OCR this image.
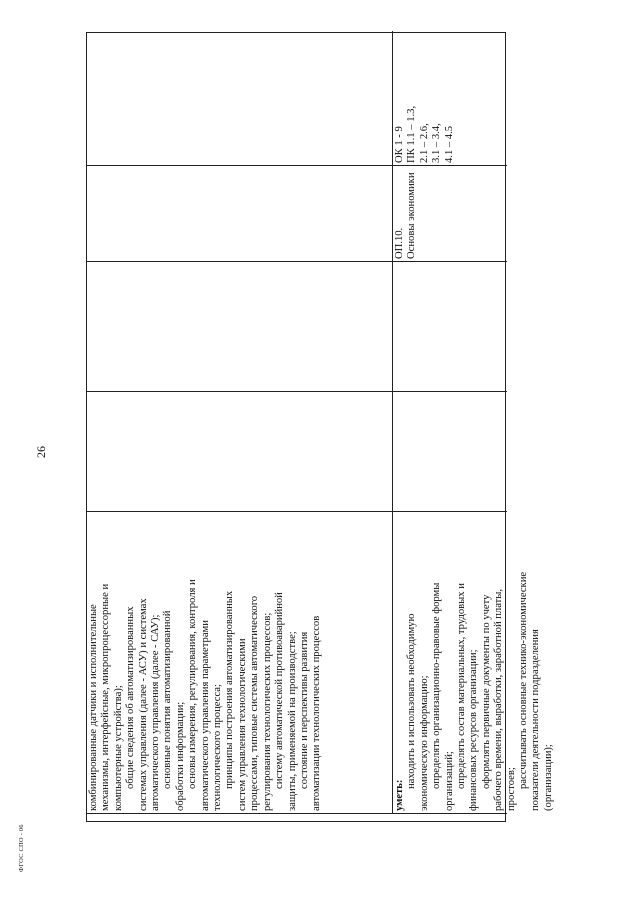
26
ФГОС СПО - 06
комбинированные датчики и исполнительные механизмы, интерфейсные, микропроцессорные и компьютерные устройства); общие сведения об автоматизированных системах управления (далее - АСУ) и системах автоматического управления (далее - САУ); основные понятия автоматизированной обработки информации; основы измерения, регулирования, контроля и автоматического управления параметрами технологического процесса; принципы построения автоматизированных систем управления технологическими процессами, типовые системы автоматического регулирования технологических процессов; систему автоматической противоаварийной защиты, применяемой на производстве; состояние и перспективы развития автоматизации технологических процессов	уметь:
находить и использовать необходимую экономическую информацию; определять организационно-правовые формы организаций; определять состав материальных, трудовых и финансовых ресурсов организации; оформлять первичные документы по учету рабочего времени, выработки, заработной платы, простоев;
рассчитывать основные технико-экономические показатели деятельности подразделения (организации);
ОП.10. Основы экономики
ОК 1 - 9 ПК 1.1 – 1.3, 2.1 – 2.6, 3.1 – 3.4, 4.1 – 4.5
